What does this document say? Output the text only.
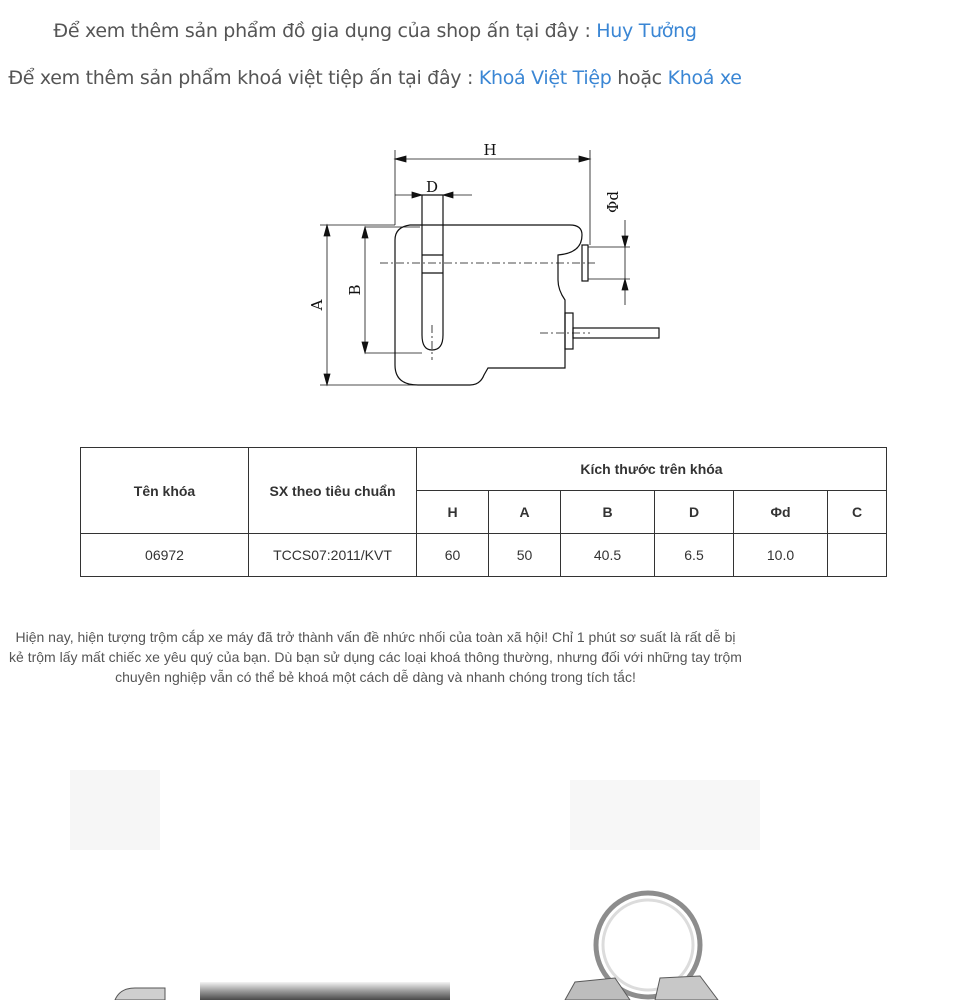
Để xem thêm sản phẩm đồ gia dụng của shop ấn tại đây : Huy Tưởng
Để xem thêm sản phẩm khoá việt tiệp ấn tại đây : Khoá Việt Tiệp hoặc Khoá xe
H
D
Φd
A
B
Tên khóa	SX theo tiêu chuẩn	Kích thước trên khóa					
		H	A	B	D	Φd	C
06972	TCCS07:2011/KVT	60	50	40.5	6.5	10.0	
Hiện nay, hiện tượng trộm cắp xe máy đã trở thành vấn đề nhức nhối của toàn xã hội! Chỉ 1 phút sơ suất là rất dễ bị kẻ trộm lấy mất chiếc xe yêu quý của bạn. Dù bạn sử dụng các loại khoá thông thường, nhưng đối với những tay trộm chuyên nghiệp vẫn có thể bẻ khoá một cách dễ dàng và nhanh chóng trong tích tắc!
